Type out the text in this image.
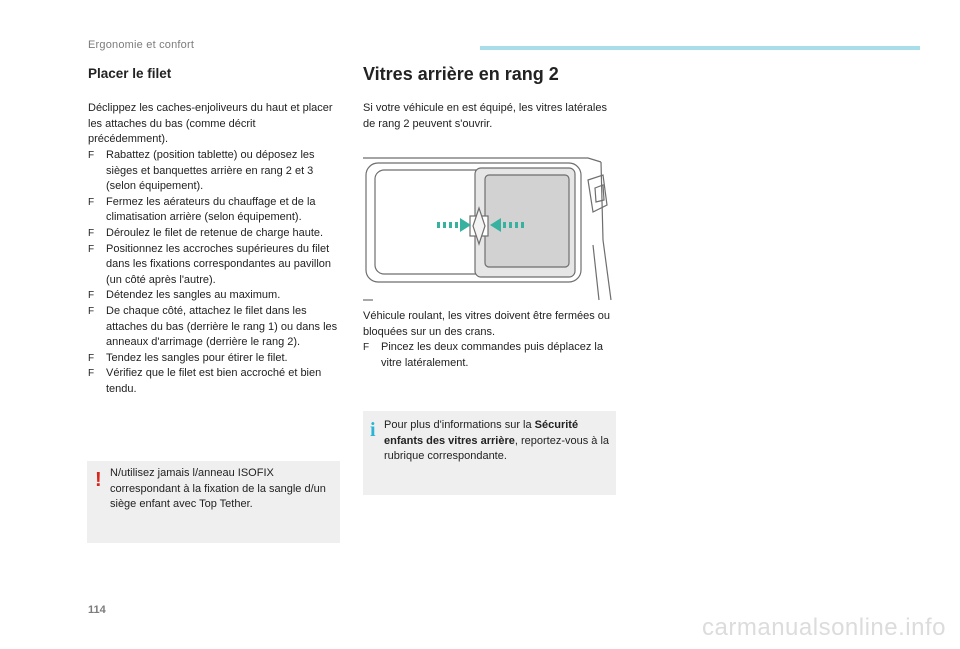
Ergonomie et confort
Placer le filet

Déclippez les caches-enjoliveurs du haut et placer les attaches du bas (comme décrit précédemment).

F Rabattez (position tablette) ou déposez les sièges et banquettes arrière en rang 2 et 3 (selon équipement).
F Fermez les aérateurs du chauffage et de la climatisation arrière (selon équipement).
F Déroulez le filet de retenue de charge haute.
F Positionnez les accroches supérieures du filet dans les fixations correspondantes au pavillon (un côté après l'autre).
F Détendez les sangles au maximum.
F De chaque côté, attachez le filet dans les attaches du bas (derrière le rang 1) ou dans les anneaux d'arrimage (derrière le rang 2).
F Tendez les sangles pour étirer le filet.
F Vérifiez que le filet est bien accroché et bien tendu.
! N/utilisez jamais l/anneau ISOFIX correspondant à la fixation de la sangle d/un siège enfant avec Top Tether.
Vitres arrière en rang 2

Si votre véhicule en est équipé, les vitres latérales de rang 2 peuvent s'ouvrir.

Véhicule roulant, les vitres doivent être fermées ou bloquées sur un des crans.

F Pincez les deux commandes puis déplacez la vitre latéralement.
i Pour plus d'informations sur la Sécurité enfants des vitres arrière, reportez-vous à la rubrique correspondante.
114
carmanualsonline.info
